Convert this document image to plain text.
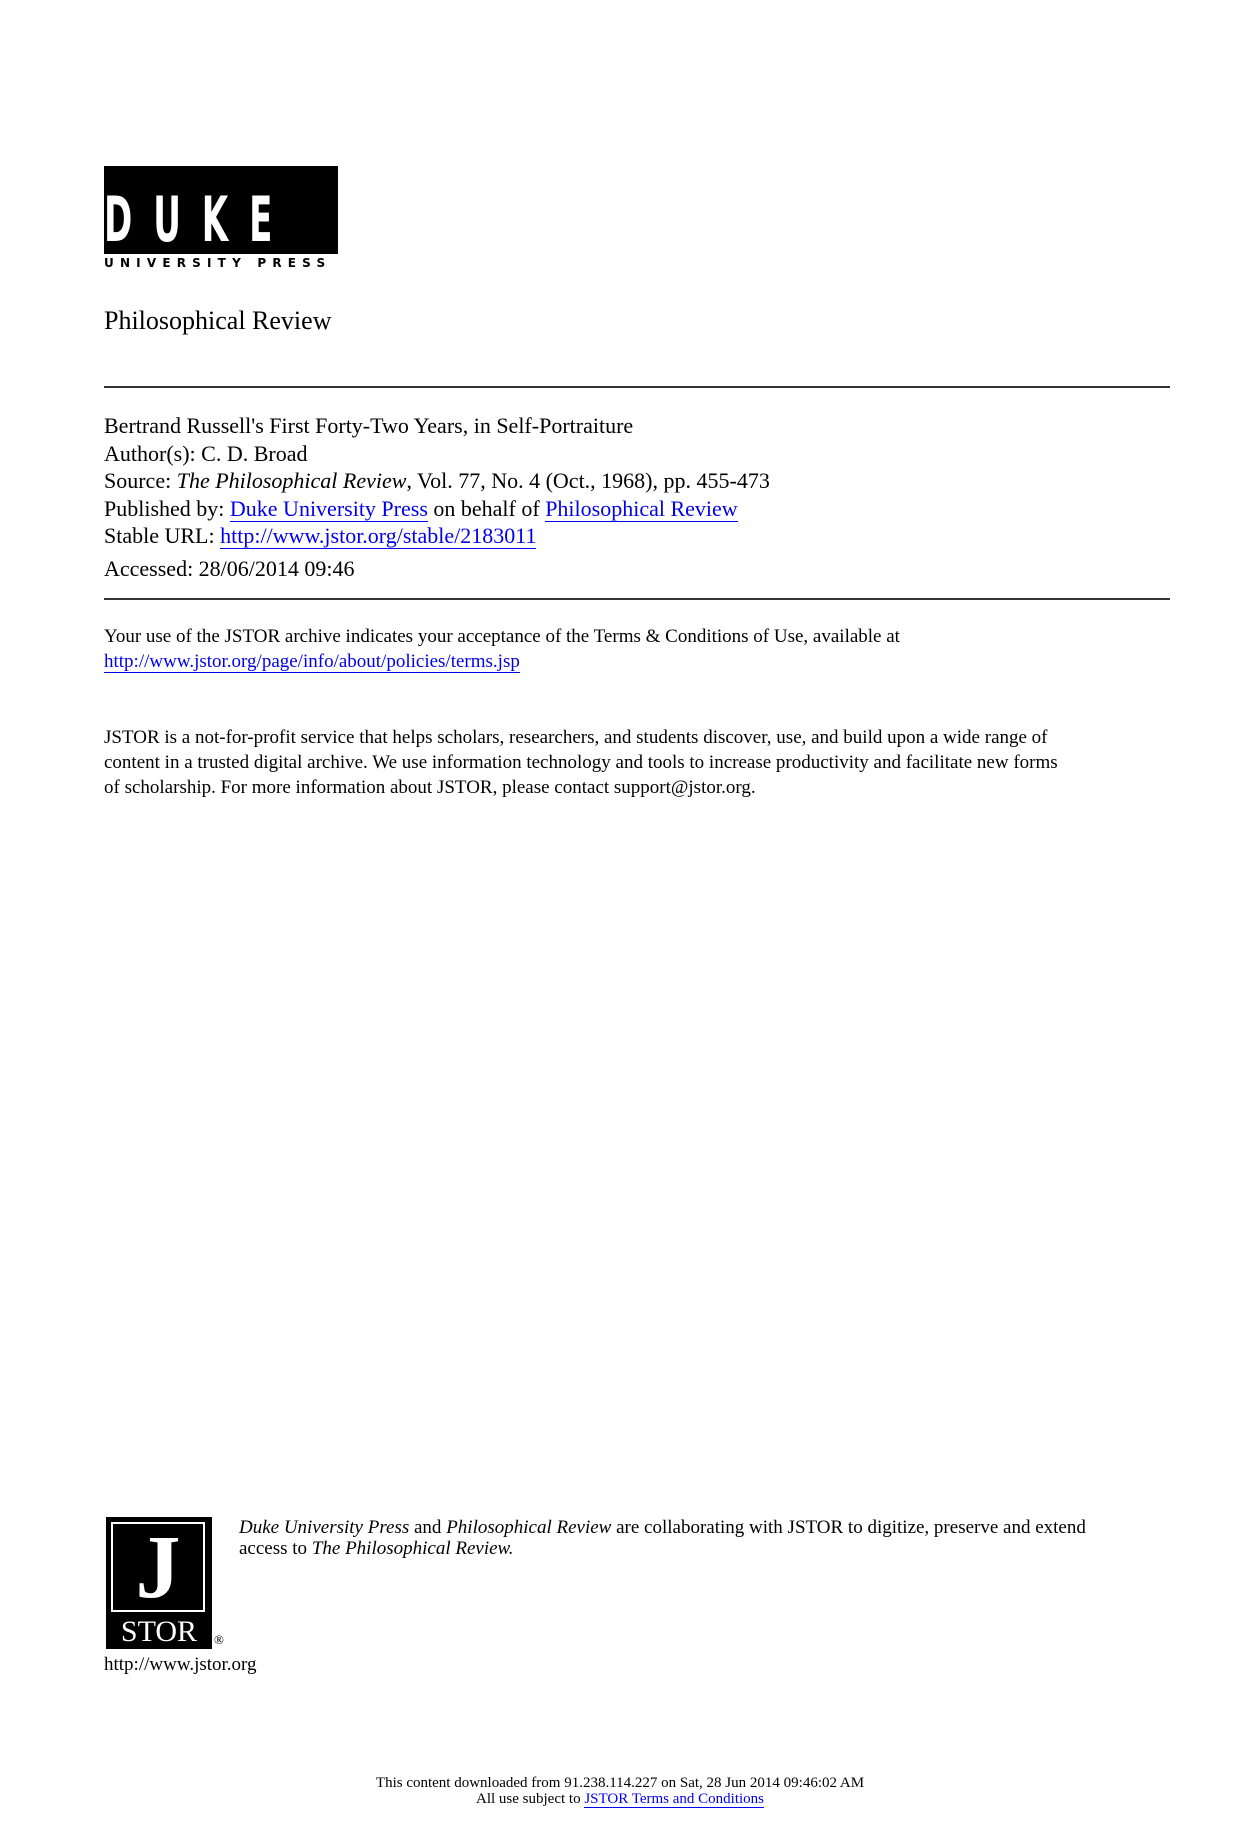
DUKE
UNIVERSITY PRESS
Philosophical Review
Bertrand Russell's First Forty-Two Years, in Self-Portraiture
Author(s): C. D. Broad
Source: The Philosophical Review, Vol. 77, No. 4 (Oct., 1968), pp. 455-473
Published by: Duke University Press on behalf of Philosophical Review
Stable URL: http://www.jstor.org/stable/2183011
Accessed: 28/06/2014 09:46
Your use of the JSTOR archive indicates your acceptance of the Terms & Conditions of Use, available at
http://www.jstor.org/page/info/about/policies/terms.jsp
JSTOR is a not-for-profit service that helps scholars, researchers, and students discover, use, and build upon a wide range of
content in a trusted digital archive. We use information technology and tools to increase productivity and facilitate new forms
of scholarship. For more information about JSTOR, please contact support@jstor.org.
J
STOR	®
http://www.jstor.org
Duke University Press and Philosophical Review are collaborating with JSTOR to digitize, preserve and extend
access to The Philosophical Review.
This content downloaded from 91.238.114.227 on Sat, 28 Jun 2014 09:46:02 AM
All use subject to JSTOR Terms and Conditions
